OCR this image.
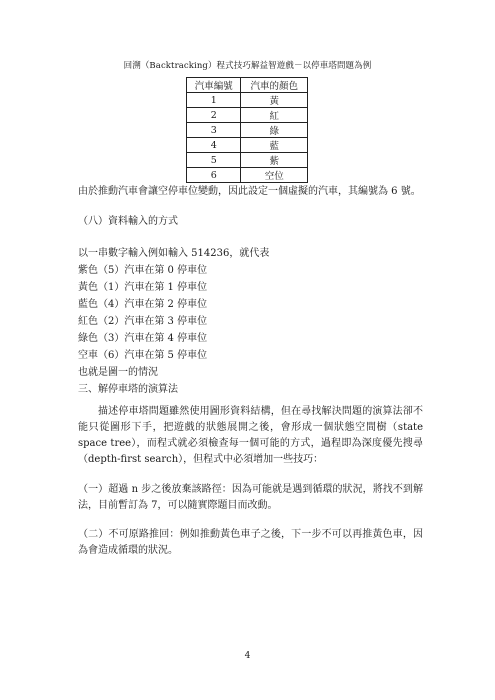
回溯（Backtracking）程式技巧解益智遊戲－以停車塔問題為例
汽車編號	汽車的顏色
1	黃
2	紅
3	綠
4	藍
5	紫
6	空位
由於推動汽車會讓空停車位變動，因此設定一個虛擬的汽車，其編號為 6 號。
（八）資料輸入的方式
以一串數字輸入例如輸入 514236，就代表
紫色（5）汽車在第 0 停車位
黃色（1）汽車在第 1 停車位
藍色（4）汽車在第 2 停車位
紅色（2）汽車在第 3 停車位
綠色（3）汽車在第 4 停車位
空車（6）汽車在第 5 停車位
也就是圖一的情況
三、解停車塔的演算法
描述停車塔問題雖然使用圖形資料結構，但在尋找解決問題的演算法卻不能只從圖形下手，把遊戲的狀態展開之後，會形成一個狀態空間樹（state space tree），而程式就必須檢查每一個可能的方式，過程即為深度優先搜尋（depth-first search），但程式中必須增加一些技巧：
（一）超過 n 步之後放棄該路徑：因為可能就是遇到循環的狀況，將找不到解法，目前暫訂為 7，可以隨實際題目而改動。
（二）不可原路推回：例如推動黃色車子之後，下一步不可以再推黃色車，因為會造成循環的狀況。
4
